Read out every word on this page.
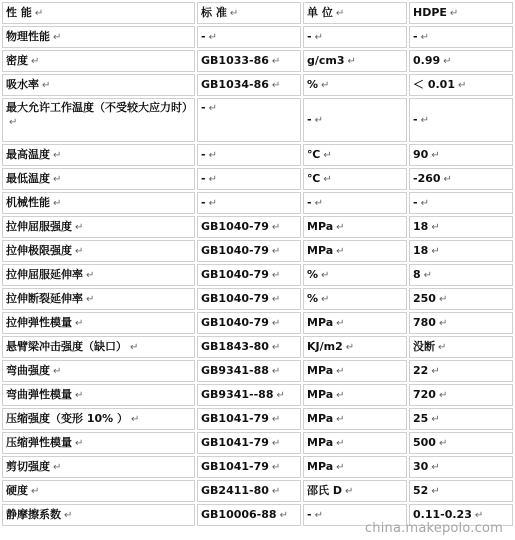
性 能 ↵	标 准 ↵	单 位 ↵	HDPE ↵
物理性能 ↵	- ↵	- ↵	- ↵
密度 ↵	GB1033-86 ↵	g/cm3 ↵	0.99 ↵
吸水率 ↵	GB1034-86 ↵	% ↵	＜ 0.01 ↵
最大允许工作温度（不受较大应力时）↵	- ↵	- ↵	- ↵
最高温度 ↵	- ↵	℃ ↵	90 ↵
最低温度 ↵	- ↵	℃ ↵	-260 ↵
机械性能 ↵	- ↵	- ↵	- ↵
拉伸屈服强度 ↵	GB1040-79 ↵	MPa ↵	18 ↵
拉伸极限强度 ↵	GB1040-79 ↵	MPa ↵	18 ↵
拉伸屈服延伸率 ↵	GB1040-79 ↵	% ↵	8 ↵
拉伸断裂延伸率 ↵	GB1040-79 ↵	% ↵	250 ↵
拉伸弹性模量 ↵	GB1040-79 ↵	MPa ↵	780 ↵
悬臂梁冲击强度（缺口） ↵	GB1843-80 ↵	KJ/m2 ↵	没断 ↵
弯曲强度 ↵	GB9341-88 ↵	MPa ↵	22 ↵
弯曲弹性模量 ↵	GB9341--88 ↵	MPa ↵	720 ↵
压缩强度（变形 10% ） ↵	GB1041-79 ↵	MPa ↵	25 ↵
压缩弹性模量 ↵	GB1041-79 ↵	MPa ↵	500 ↵
剪切强度 ↵	GB1041-79 ↵	MPa ↵	30 ↵
硬度 ↵	GB2411-80 ↵	邵氏 D ↵	52 ↵
静摩擦系数 ↵	GB10006-88 ↵	- ↵	0.11-0.23 ↵
china.makepolo.com
